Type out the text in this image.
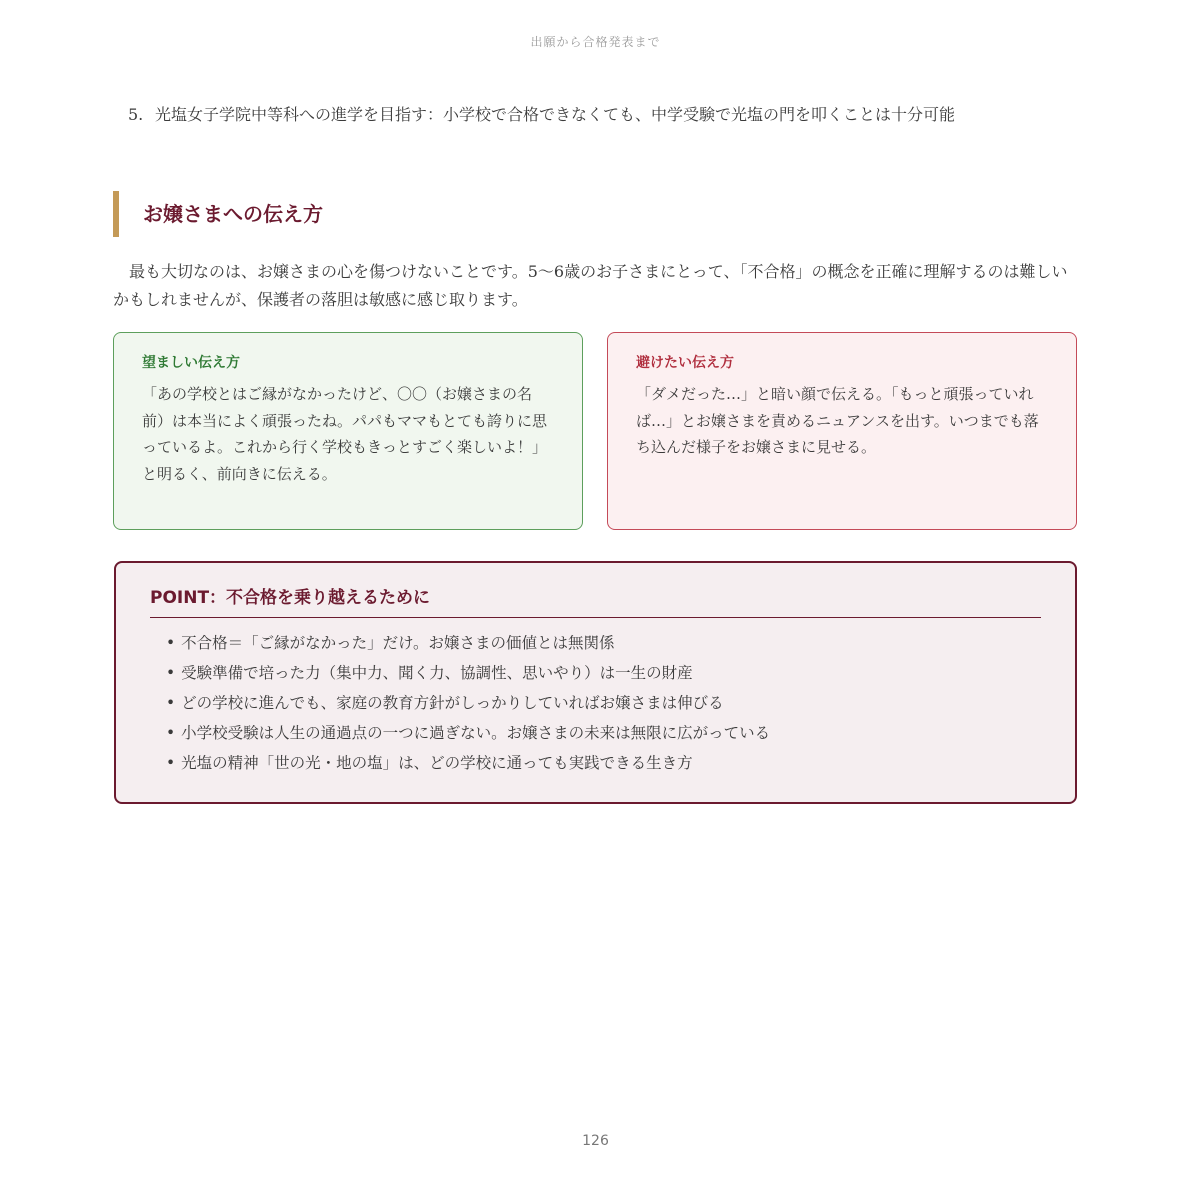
出願から合格発表まで
5. 光塩女子学院中等科への進学を目指す：小学校で合格できなくても、中学受験で光塩の門を叩くことは十分可能
お嬢さまへの伝え方

最も大切なのは、お嬢さまの心を傷つけないことです。5〜6歳のお子さまにとって、「不合格」の概念を正確に理解するのは難しいかもしれませんが、保護者の落胆は敏感に感じ取ります。

望ましい伝え方
「あの学校とはご縁がなかったけど、〇〇（お嬢さまの名前）は本当によく頑張ったね。パパもママもとても誇りに思っているよ。これから行く学校もきっとすごく楽しいよ！」と明るく、前向きに伝える。
避けたい伝え方
「ダメだった…」と暗い顔で伝える。「もっと頑張っていれば…」とお嬢さまを責めるニュアンスを出す。いつまでも落ち込んだ様子をお嬢さまに見せる。
POINT：不合格を乗り越えるために
• 不合格＝「ご縁がなかった」だけ。お嬢さまの価値とは無関係
• 受験準備で培った力（集中力、聞く力、協調性、思いやり）は一生の財産
• どの学校に進んでも、家庭の教育方針がしっかりしていればお嬢さまは伸びる
• 小学校受験は人生の通過点の一つに過ぎない。お嬢さまの未来は無限に広がっている
• 光塩の精神「世の光・地の塩」は、どの学校に通っても実践できる生き方
126
